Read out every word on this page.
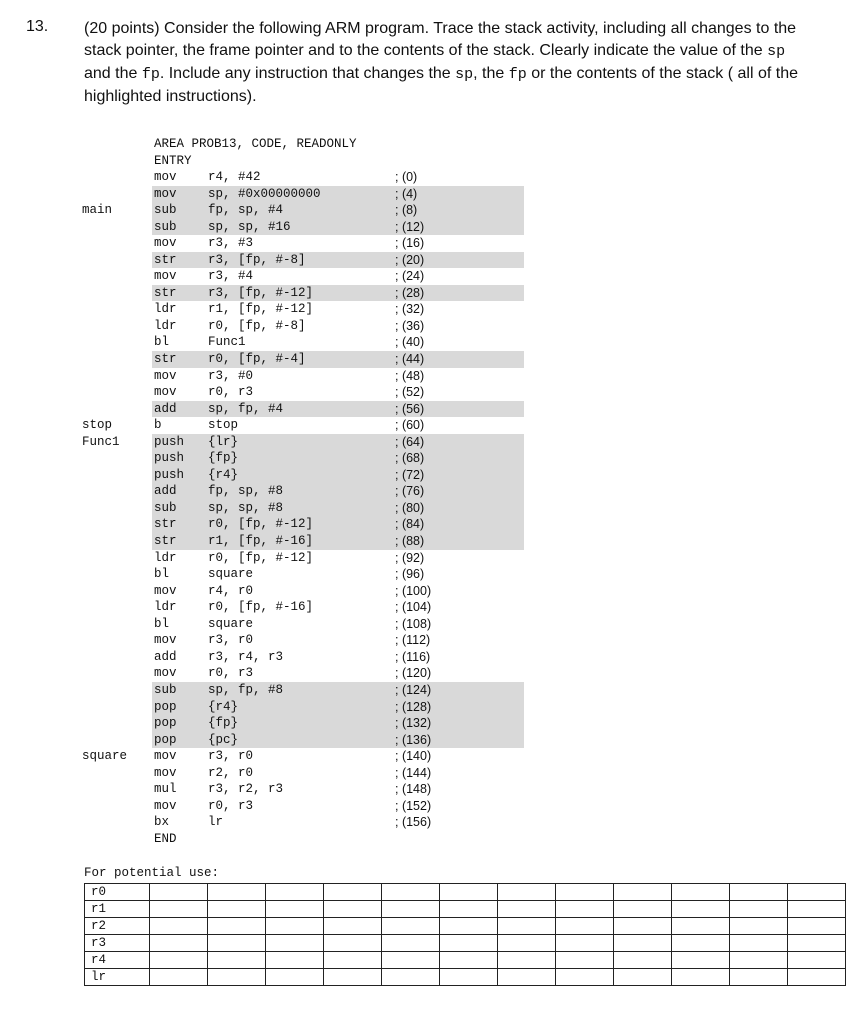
13. (20 points) Consider the following ARM program. Trace the stack activity, including all changes to the stack pointer, the frame pointer and to the contents of the stack. Clearly indicate the value of the sp and the fp. Include any instruction that changes the sp, the fp or the contents of the stack ( all of the highlighted instructions).
AREA PROB13, CODE, READONLY
ENTRY
mov	r4, #42	; (0)
mov	sp, #0x00000000	; (4)
main	sub	fp, sp, #4	; (8)
sub	sp, sp, #16	; (12)
mov	r3, #3	; (16)
str	r3, [fp, #-8]	; (20)
mov	r3, #4	; (24)
str	r3, [fp, #-12]	; (28)
ldr	r1, [fp, #-12]	; (32)
ldr	r0, [fp, #-8]	; (36)
bl	Func1	; (40)
str	r0, [fp, #-4]	; (44)
mov	r3, #0	; (48)
mov	r0, r3	; (52)
add	sp, fp, #4	; (56)
stop	b	stop	; (60)
Func1	push {lr}	; (64)
push {fp}	; (68)
push {r4}	; (72)
add	fp, sp, #8	; (76)
sub	sp, sp, #8	; (80)
str	r0, [fp, #-12]	; (84)
str	r1, [fp, #-16]	; (88)
ldr	r0, [fp, #-12]	; (92)
bl	square	; (96)
mov	r4, r0	; (100)
ldr	r0, [fp, #-16]	; (104)
bl	square	; (108)
mov	r3, r0	; (112)
add	r3, r4, r3	; (116)
mov	r0, r3	; (120)
sub	sp, fp, #8	; (124)
pop	{r4}	; (128)
pop	{fp}	; (132)
pop	{pc}	; (136)
square mov	r3, r0	; (140)
mov	r2, r0	; (144)
mul	r3, r2, r3	; (148)
mov	r0, r3	; (152)
bx	lr	; (156)
END
For potential use:
r0												
r1												
r2												
r3												
r4												
lr												
